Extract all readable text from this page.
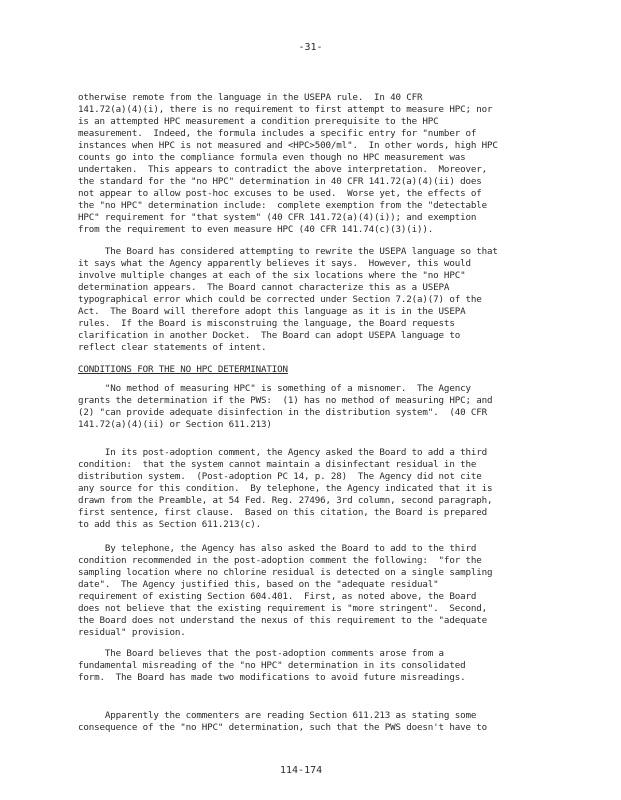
-31-
otherwise remote from the language in the USEPA rule.  In 40 CFR
141.72(a)(4)(i), there is no requirement to first attempt to measure HPC; nor
is an attempted HPC measurement a condition prerequisite to the HPC
measurement.  Indeed, the formula includes a specific entry for "number of
instances when HPC is not measured and <HPC>500/ml".  In other words, high HPC
counts go into the compliance formula even though no HPC measurement was
undertaken.  This appears to contradict the above interpretation.  Moreover,
the standard for the "no HPC" determination in 40 CFR 141.72(a)(4)(ii) does
not appear to allow post-hoc excuses to be used.  Worse yet, the effects of
the "no HPC" determination include:  complete exemption from the "detectable
HPC" requirement for "that system" (40 CFR 141.72(a)(4)(i)); and exemption
from the requirement to even measure HPC (40 CFR 141.74(c)(3)(i)).
The Board has considered attempting to rewrite the USEPA language so that
it says what the Agency apparently believes it says.  However, this would
involve multiple changes at each of the six locations where the "no HPC"
determination appears.  The Board cannot characterize this as a USEPA
typographical error which could be corrected under Section 7.2(a)(7) of the
Act.  The Board will therefore adopt this language as it is in the USEPA
rules.  If the Board is misconstruing the language, the Board requests
clarification in another Docket.  The Board can adopt USEPA language to
reflect clear statements of intent.
CONDITIONS FOR THE NO HPC DETERMINATION
"No method of measuring HPC" is something of a misnomer.  The Agency
grants the determination if the PWS:  (1) has no method of measuring HPC; and
(2) "can provide adequate disinfection in the distribution system".  (40 CFR
141.72(a)(4)(ii) or Section 611.213)
In its post-adoption comment, the Agency asked the Board to add a third
condition:  that the system cannot maintain a disinfectant residual in the
distribution system.  (Post-adoption PC 14, p. 28)  The Agency did not cite
any source for this condition.  By telephone, the Agency indicated that it is
drawn from the Preamble, at 54 Fed. Reg. 27496, 3rd column, second paragraph,
first sentence, first clause.  Based on this citation, the Board is prepared
to add this as Section 611.213(c).
By telephone, the Agency has also asked the Board to add to the third
condition recommended in the post-adoption comment the following:  "for the
sampling location where no chlorine residual is detected on a single sampling
date".  The Agency justified this, based on the "adequate residual"
requirement of existing Section 604.401.  First, as noted above, the Board
does not believe that the existing requirement is "more stringent".  Second,
the Board does not understand the nexus of this requirement to the "adequate
residual" provision.
The Board believes that the post-adoption comments arose from a
fundamental misreading of the "no HPC" determination in its consolidated
form.  The Board has made two modifications to avoid future misreadings.
Apparently the commenters are reading Section 611.213 as stating some
consequence of the "no HPC" determination, such that the PWS doesn't have to
114-174
